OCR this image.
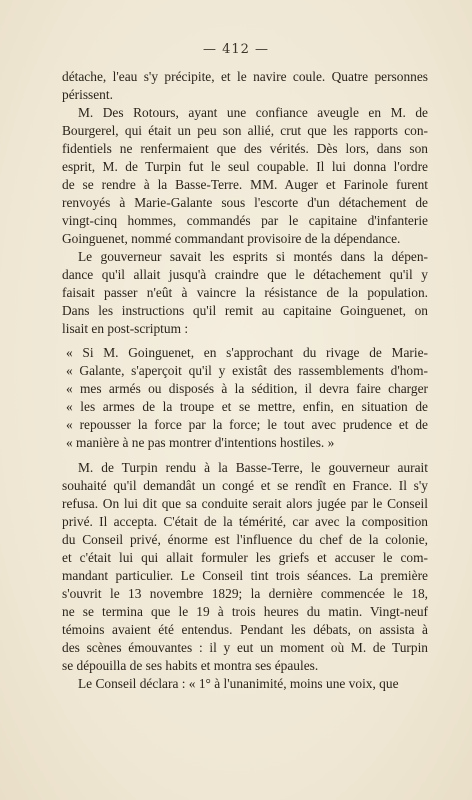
— 412 —
détache, l'eau s'y précipite, et le navire coule. Quatre personnes
périssent.
M. Des Rotours, ayant une confiance aveugle en M. de
Bourgerel, qui était un peu son allié, crut que les rapports con-
fidentiels ne renfermaient que des vérités. Dès lors, dans son
esprit, M. de Turpin fut le seul coupable. Il lui donna l'ordre
de se rendre à la Basse-Terre. MM. Auger et Farinole furent
renvoyés à Marie-Galante sous l'escorte d'un détachement de
vingt-cinq hommes, commandés par le capitaine d'infanterie
Goinguenet, nommé commandant provisoire de la dépendance.
Le gouverneur savait les esprits si montés dans la dépen-
dance qu'il allait jusqu'à craindre que le détachement qu'il y
faisait passer n'eût à vaincre la résistance de la population.
Dans les instructions qu'il remit au capitaine Goinguenet, on
lisait en post-scriptum :
« Si M. Goinguenet, en s'approchant du rivage de Marie-
« Galante, s'aperçoit qu'il y existât des rassemblements d'hom-
« mes armés ou disposés à la sédition, il devra faire charger
« les armes de la troupe et se mettre, enfin, en situation de
« repousser la force par la force; le tout avec prudence et de
« manière à ne pas montrer d'intentions hostiles. »
M. de Turpin rendu à la Basse-Terre, le gouverneur aurait
souhaité qu'il demandât un congé et se rendît en France. Il s'y
refusa. On lui dit que sa conduite serait alors jugée par le Conseil
privé. Il accepta. C'était de la témérité, car avec la composition
du Conseil privé, énorme est l'influence du chef de la colonie,
et c'était lui qui allait formuler les griefs et accuser le com-
mandant particulier. Le Conseil tint trois séances. La première
s'ouvrit le 13 novembre 1829; la dernière commencée le 18,
ne se termina que le 19 à trois heures du matin. Vingt-neuf
témoins avaient été entendus. Pendant les débats, on assista à
des scènes émouvantes : il y eut un moment où M. de Turpin
se dépouilla de ses habits et montra ses épaules.
Le Conseil déclara : « 1° à l'unanimité, moins une voix, que
